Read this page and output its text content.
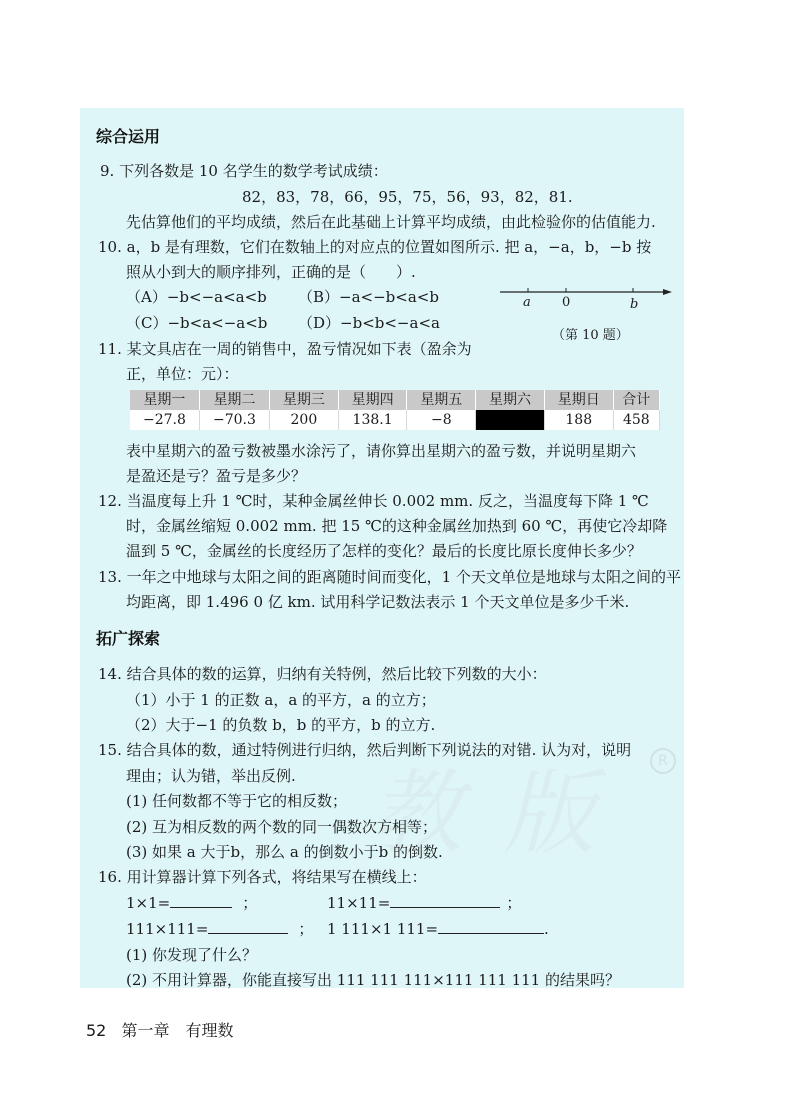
教 版	R
综合运用
9. 下列各数是 10 名学生的数学考试成绩：
82，83，78，66，95，75，56，93，82，81.
先估算他们的平均成绩，然后在此基础上计算平均成绩，由此检验你的估值能力.
10. a，b 是有理数，它们在数轴上的对应点的位置如图所示. 把 a，−a，b，−b 按
照从小到大的顺序排列，正确的是（　　）.
（A）−b<−a<a<b （B）−a<−b<a<b
（C）−b<a<−a<b （D）−b<b<−a<a
a 0	b
（第 10 题）
11. 某文具店在一周的销售中，盈亏情况如下表（盈余为
正，单位：元）：
星期一	星期二	星期三	星期四	星期五	星期六	星期日	合计
−27.8	−70.3	200	138.1	−8		188	458
表中星期六的盈亏数被墨水涂污了，请你算出星期六的盈亏数，并说明星期六
是盈还是亏？盈亏是多少？
12. 当温度每上升 1 ℃时，某种金属丝伸长 0.002 mm. 反之，当温度每下降 1 ℃
时，金属丝缩短 0.002 mm. 把 15 ℃的这种金属丝加热到 60 ℃，再使它冷却降
温到 5 ℃，金属丝的长度经历了怎样的变化？最后的长度比原长度伸长多少？
13. 一年之中地球与太阳之间的距离随时间而变化，1 个天文单位是地球与太阳之间的平
均距离，即 1.496 0 亿 km. 试用科学记数法表示 1 个天文单位是多少千米.
拓广探索
14. 结合具体的数的运算，归纳有关特例，然后比较下列数的大小：
（1）小于 1 的正数 a，a 的平方，a 的立方；
（2）大于−1 的负数 b，b 的平方，b 的立方.
15. 结合具体的数，通过特例进行归纳，然后判断下列说法的对错. 认为对，说明
理由；认为错，举出反例.
(1) 任何数都不等于它的相反数；
(2) 互为相反数的两个数的同一偶数次方相等；
(3) 如果 a 大于b，那么 a 的倒数小于b 的倒数.
16. 用计算器计算下列各式，将结果写在横线上：
1×1=	；	11×11=	；
111×111=	； 1 111×1 111=	.
(1) 你发现了什么？
(2) 不用计算器，你能直接写出 111 111 111×111 111 111 的结果吗？
52 第一章　有理数
